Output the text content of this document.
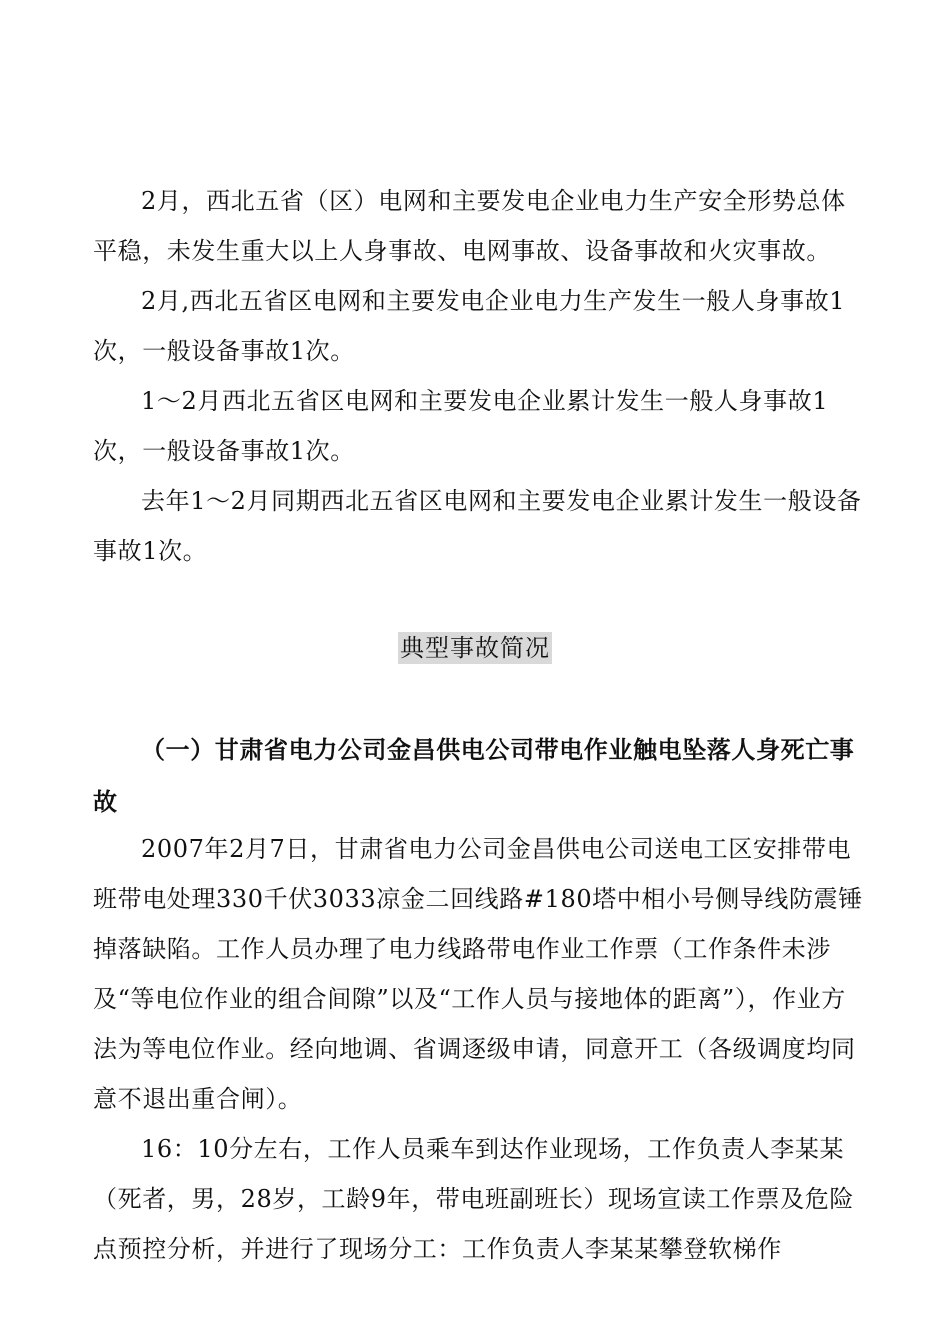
2月，西北五省（区）电网和主要发电企业电力生产安全形势总体平稳，未发生重大以上人身事故、电网事故、设备事故和火灾事故。

2月,西北五省区电网和主要发电企业电力生产发生一般人身事故1次，一般设备事故1次。

1～2月西北五省区电网和主要发电企业累计发生一般人身事故1次，一般设备事故1次。

去年1～2月同期西北五省区电网和主要发电企业累计发生一般设备事故1次。

典型事故简况

（一）甘肃省电力公司金昌供电公司带电作业触电坠落人身死亡事故

2007年2月7日，甘肃省电力公司金昌供电公司送电工区安排带电班带电处理330千伏3033凉金二回线路#180塔中相小号侧导线防震锤掉落缺陷。工作人员办理了电力线路带电作业工作票（工作条件未涉及“等电位作业的组合间隙”以及“工作人员与接地体的距离”），作业方法为等电位作业。经向地调、省调逐级申请，同意开工（各级调度均同意不退出重合闸）。

16：10分左右，工作人员乘车到达作业现场，工作负责人李某某（死者，男，28岁，工龄9年，带电班副班长）现场宣读工作票及危险点预控分析，并进行了现场分工：工作负责人李某某攀登软梯作
